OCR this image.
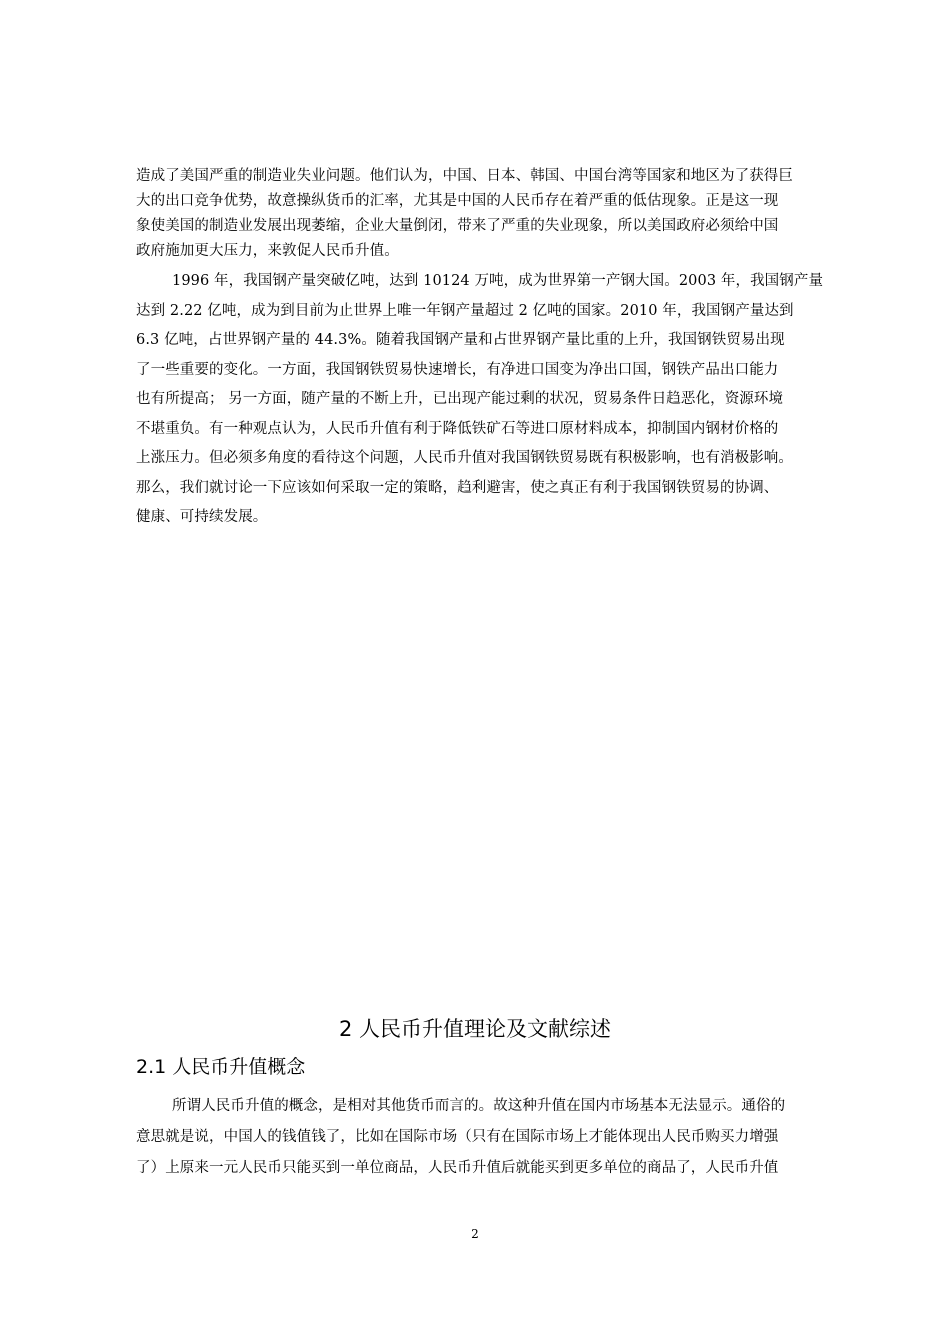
造成了美国严重的制造业失业问题。他们认为，中国、日本、韩国、中国台湾等国家和地区为了获得巨
大的出口竞争优势，故意操纵货币的汇率，尤其是中国的人民币存在着严重的低估现象。正是这一现
象使美国的制造业发展出现萎缩，企业大量倒闭，带来了严重的失业现象，所以美国政府必须给中国
政府施加更大压力，来敦促人民币升值。

1996 年，我国钢产量突破亿吨，达到 10124 万吨，成为世界第一产钢大国。2003 年，我国钢产量
达到 2.22 亿吨，成为到目前为止世界上唯一年钢产量超过 2 亿吨的国家。2010 年，我国钢产量达到
6.3 亿吨，占世界钢产量的 44.3%。随着我国钢产量和占世界钢产量比重的上升，我国钢铁贸易出现
了一些重要的变化。一方面，我国钢铁贸易快速增长，有净进口国变为净出口国，钢铁产品出口能力
也有所提高； 另一方面，随产量的不断上升，已出现产能过剩的状况，贸易条件日趋恶化，资源环境
不堪重负。有一种观点认为，人民币升值有利于降低铁矿石等进口原材料成本，抑制国内钢材价格的
上涨压力。但必须多角度的看待这个问题，人民币升值对我国钢铁贸易既有积极影响，也有消极影响。
那么，我们就讨论一下应该如何采取一定的策略，趋利避害，使之真正有利于我国钢铁贸易的协调、
健康、可持续发展。

2 人民币升值理论及文献综述
2.1 人民币升值概念

所谓人民币升值的概念，是相对其他货币而言的。故这种升值在国内市场基本无法显示。通俗的
意思就是说，中国人的钱值钱了，比如在国际市场（只有在国际市场上才能体现出人民币购买力增强
了）上原来一元人民币只能买到一单位商品，人民币升值后就能买到更多单位的商品了，人民币升值

2
